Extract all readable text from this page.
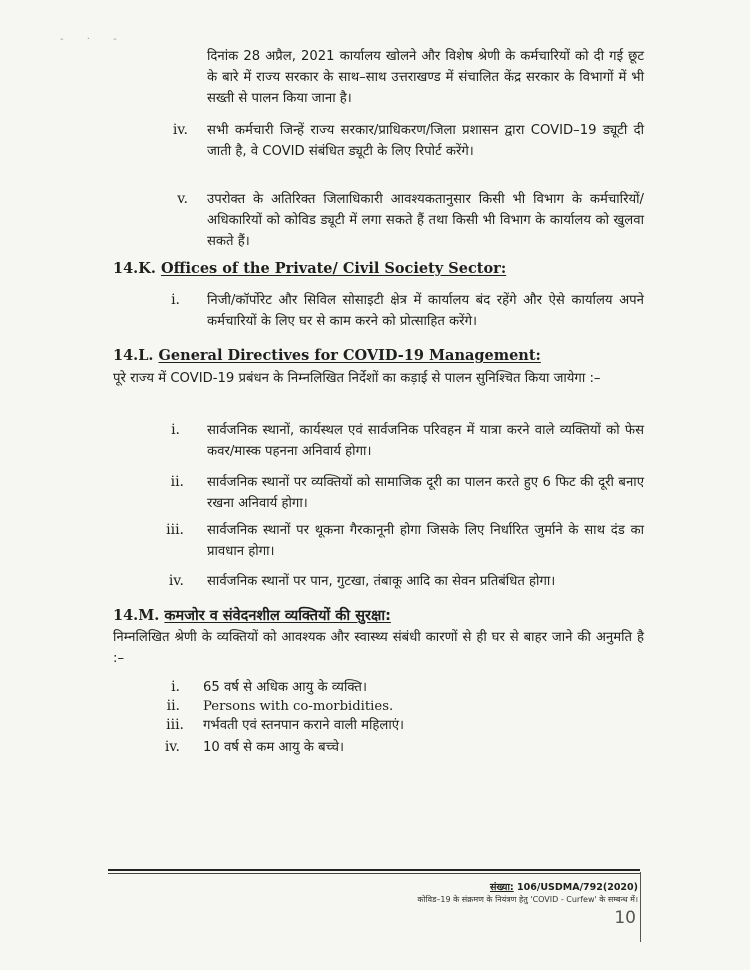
- · -
दिनांक 28 अप्रैल, 2021 कार्यालय खोलने और विशेष श्रेणी के कर्मचारियों को दी गई छूट के बारे में राज्य सरकार के साथ–साथ उत्तराखण्ड में संचालित केंद्र सरकार के विभागों में भी सख्ती से पालन किया जाना है।
iv. सभी कर्मचारी जिन्हें राज्य सरकार/प्राधिकरण/जिला प्रशासन द्वारा COVID–19 ड्यूटी दी जाती है, वे COVID संबंधित ड्यूटी के लिए रिपोर्ट करेंगे।
v. उपरोक्त के अतिरिक्त जिलाधिकारी आवश्यकतानुसार किसी भी विभाग के कर्मचारियों/अधिकारियों को कोविड ड्यूटी में लगा सकते हैं तथा किसी भी विभाग के कार्यालय को खुलवा सकते हैं।
14.K. Offices of the Private/ Civil Society Sector:
i. निजी/कॉर्पोरेट और सिविल सोसाइटी क्षेत्र में कार्यालय बंद रहेंगे और ऐसे कार्यालय अपने कर्मचारियों के लिए घर से काम करने को प्रोत्साहित करेंगे।
14.L. General Directives for COVID-19 Management:
पूरे राज्य में COVID-19 प्रबंधन के निम्नलिखित निर्देशों का कड़ाई से पालन सुनिश्चित किया जायेगा :–
i. सार्वजनिक स्थानों, कार्यस्थल एवं सार्वजनिक परिवहन में यात्रा करने वाले व्यक्तियों को फेस कवर/मास्क पहनना अनिवार्य होगा।
ii. सार्वजनिक स्थानों पर व्यक्तियों को सामाजिक दूरी का पालन करते हुए 6 फिट की दूरी बनाए रखना अनिवार्य होगा।
iii. सार्वजनिक स्थानों पर थूकना गैरकानूनी होगा जिसके लिए निर्धारित जुर्माने के साथ दंड का प्रावधान होगा।
iv. सार्वजनिक स्थानों पर पान, गुटखा, तंबाकू आदि का सेवन प्रतिबंधित होगा।
14.M. कमजोर व संवेदनशील व्यक्तियों की सुरक्षा:
निम्नलिखित श्रेणी के व्यक्तियों को आवश्यक और स्वास्थ्य संबंधी कारणों से ही घर से बाहर जाने की अनुमति है :–
i. 65 वर्ष से अधिक आयु के व्यक्ति।
ii. Persons with co-morbidities.
iii. गर्भवती एवं स्तनपान कराने वाली महिलाएं।
iv. 10 वर्ष से कम आयु के बच्चे।
संख्या: 106/USDMA/792(2020)
कोविड–19 के संक्रमण के नियंत्रण हेतु 'COVID - Curfew' के सम्बन्ध में।
10
